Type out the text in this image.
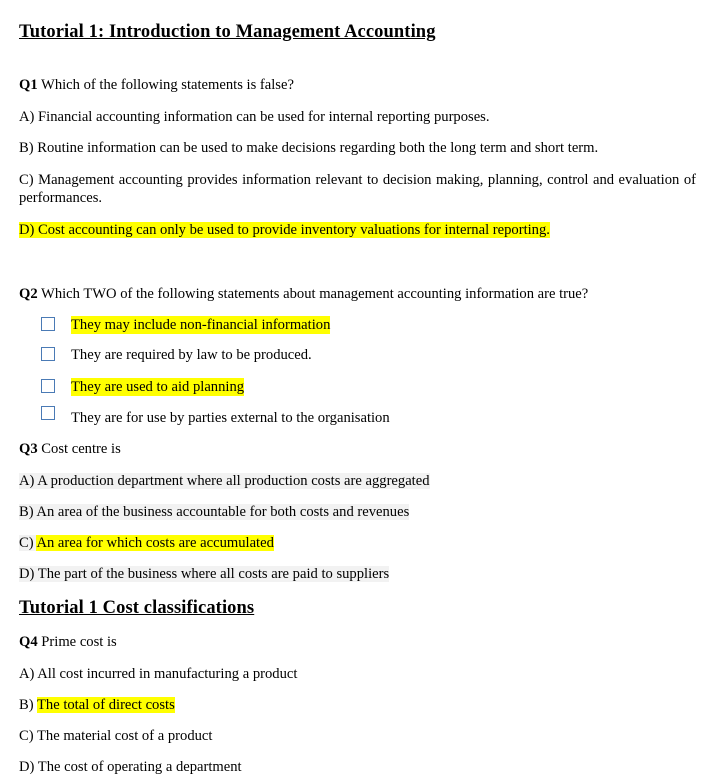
Tutorial 1: Introduction to Management Accounting
Q1 Which of the following statements is false?
A) Financial accounting information can be used for internal reporting purposes.
B) Routine information can be used to make decisions regarding both the long term and short term.
C) Management accounting provides information relevant to decision making, planning, control and evaluation of performances.
D) Cost accounting can only be used to provide inventory valuations for internal reporting.
Q2 Which TWO of the following statements about management accounting information are true?
They may include non-financial information
They are required by law to be produced.
They are used to aid planning
They are for use by parties external to the organisation
Q3 Cost centre is
A) A production department where all production costs are aggregated
B) An area of the business accountable for both costs and revenues
C) An area for which costs are accumulated
D) The part of the business where all costs are paid to suppliers
Tutorial 1 Cost classifications
Q4 Prime cost is
A) All cost incurred in manufacturing a product
B) The total of direct costs
C) The material cost of a product
D) The cost of operating a department
